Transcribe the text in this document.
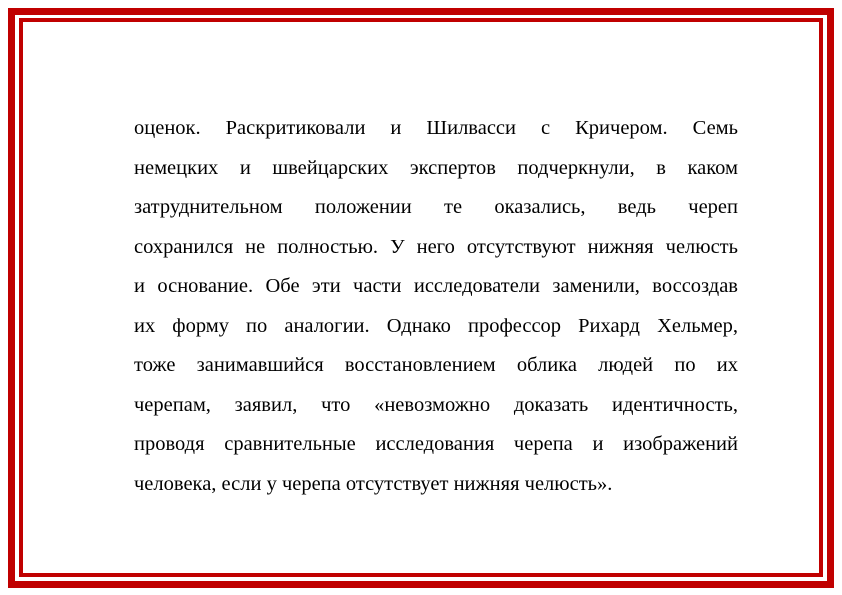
оценок. Раскритиковали и Шилвасси с Кричером. Семь
немецких и швейцарских экспертов подчеркнули, в каком
затруднительном положении те оказались, ведь череп
сохранился не полностью. У него отсутствуют нижняя челюсть
и основание. Обе эти части исследователи заменили, воссоздав
их форму по аналогии. Однако профессор Рихард Хельмер,
тоже занимавшийся восстановлением облика людей по их
черепам, заявил, что «невозможно доказать идентичность,
проводя сравнительные исследования черепа и изображений
человека, если у черепа отсутствует нижняя челюсть».
